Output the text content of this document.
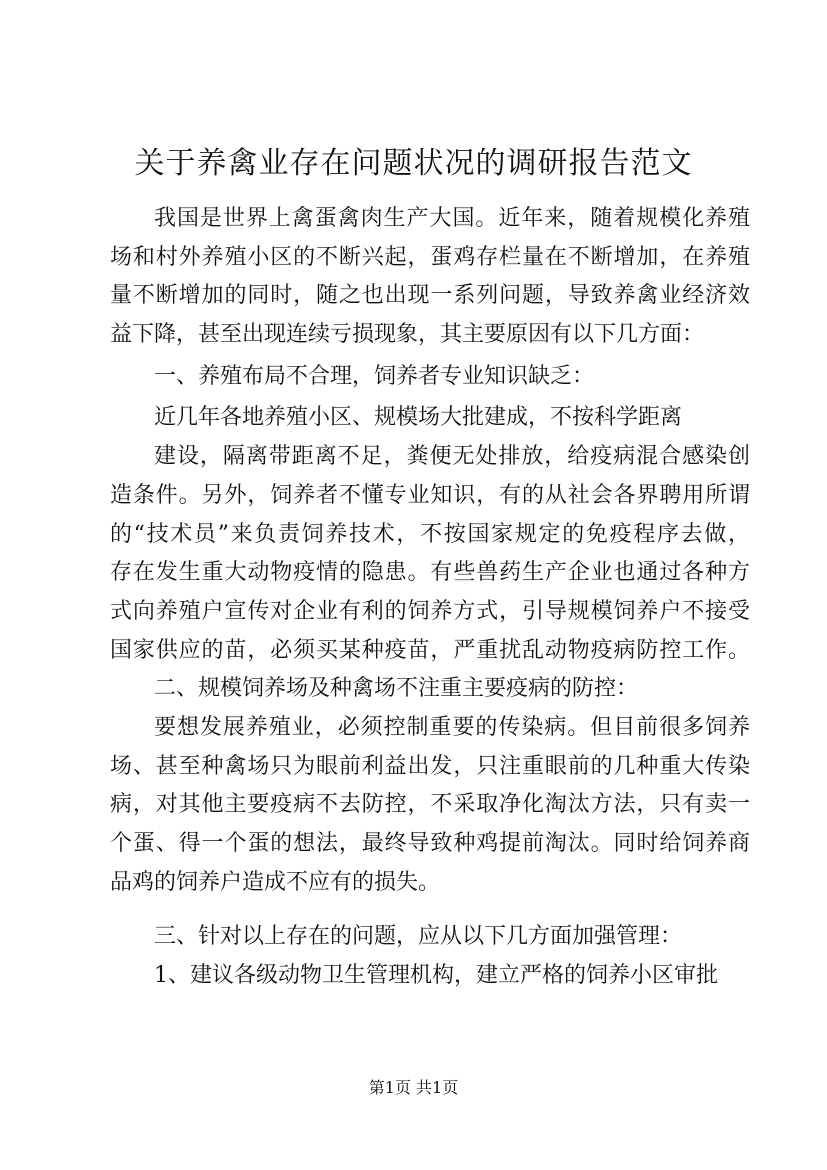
关于养禽业存在问题状况的调研报告范文
我国是世界上禽蛋禽肉生产大国。近年来，随着规模化养殖
场和村外养殖小区的不断兴起，蛋鸡存栏量在不断增加，在养殖
量不断增加的同时，随之也出现一系列问题，导致养禽业经济效
益下降，甚至出现连续亏损现象，其主要原因有以下几方面：
一、养殖布局不合理，饲养者专业知识缺乏：
近几年各地养殖小区、规模场大批建成，不按科学距离
建设，隔离带距离不足，粪便无处排放，给疫病混合感染创
造条件。另外，饲养者不懂专业知识，有的从社会各界聘用所谓
的“技术员”来负责饲养技术，不按国家规定的免疫程序去做，
存在发生重大动物疫情的隐患。有些兽药生产企业也通过各种方
式向养殖户宣传对企业有利的饲养方式，引导规模饲养户不接受
国家供应的苗，必须买某种疫苗，严重扰乱动物疫病防控工作。
二、规模饲养场及种禽场不注重主要疫病的防控：
要想发展养殖业，必须控制重要的传染病。但目前很多饲养
场、甚至种禽场只为眼前利益出发，只注重眼前的几种重大传染
病，对其他主要疫病不去防控，不采取净化淘汰方法，只有卖一
个蛋、得一个蛋的想法，最终导致种鸡提前淘汰。同时给饲养商
品鸡的饲养户造成不应有的损失。
三、针对以上存在的问题，应从以下几方面加强管理：
1、建议各级动物卫生管理机构，建立严格的饲养小区审批
第1页 共1页
